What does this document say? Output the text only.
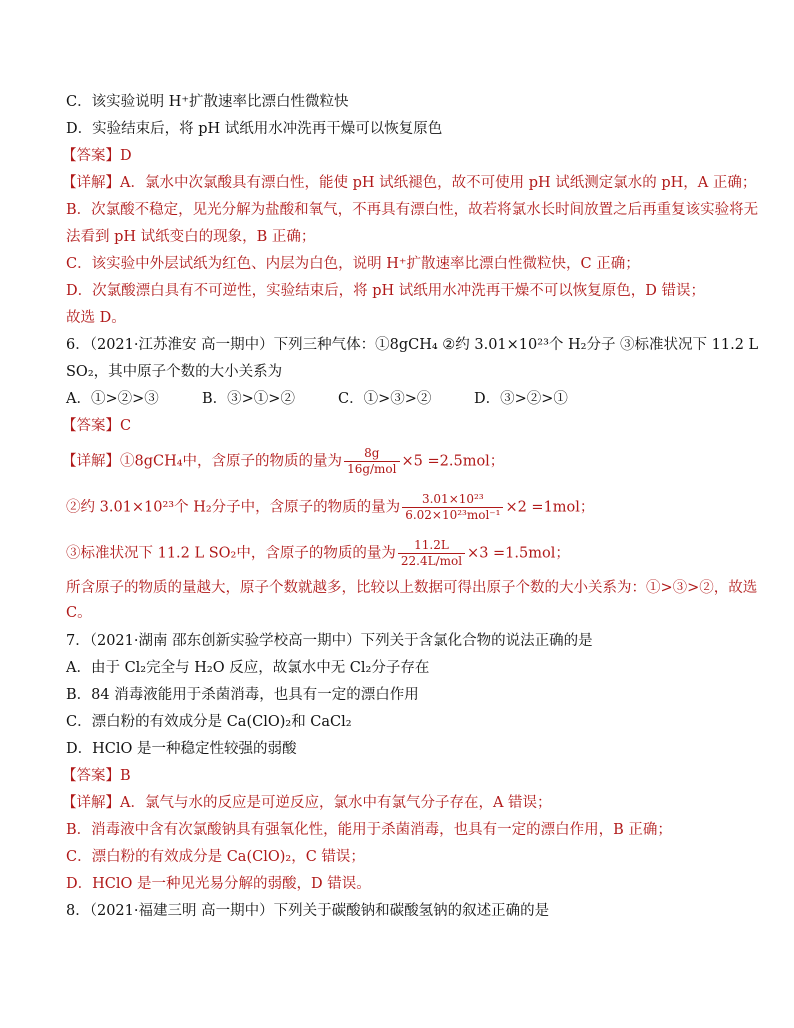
C．该实验说明 H⁺扩散速率比漂白性微粒快
D．实验结束后，将 pH 试纸用水冲洗再干燥可以恢复原色
【答案】D
【详解】A．氯水中次氯酸具有漂白性，能使 pH 试纸褪色，故不可使用 pH 试纸测定氯水的 pH，A 正确；
B．次氯酸不稳定，见光分解为盐酸和氧气，不再具有漂白性，故若将氯水长时间放置之后再重复该实验将无
法看到 pH 试纸变白的现象，B 正确；
C．该实验中外层试纸为红色、内层为白色，说明 H⁺扩散速率比漂白性微粒快，C 正确；
D．次氯酸漂白具有不可逆性，实验结束后，将 pH 试纸用水冲洗再干燥不可以恢复原色，D 错误；
故选 D。
6．（2021·江苏淮安 高一期中）下列三种气体：①8gCH₄ ②约 3.01×10²³个 H₂分子 ③标准状况下 11.2 L
SO₂，其中原子个数的大小关系为
A．①>②>③	B．③>①>②	C．①>③>②	D．③>②>①
【答案】C
【详解】①8gCH₄中，含原子的物质的量为 $\frac{8g}{\text{16g/mol}} \times 5 =2.5mol$；
②约 3.01×10²³个 H₂分子中，含原子的物质的量为 $\frac{\text{3.01×10²³}}{\text{6.02×10²³mol⁻¹}} \times 2 =1mol$；
③标准状况下 11.2 L SO₂中，含原子的物质的量为 $\frac{11.2L}{\text{22.4L/mol}} \times 3 =1.5mol$；
所含原子的物质的量越大，原子个数就越多，比较以上数据可得出原子个数的大小关系为：①>③>②，故选
C。
7．（2021·湖南 邵东创新实验学校高一期中）下列关于含氯化合物的说法正确的是
A．由于 Cl₂完全与 H₂O 反应，故氯水中无 Cl₂分子存在
B．84 消毒液能用于杀菌消毒，也具有一定的漂白作用
C．漂白粉的有效成分是 Ca(ClO)₂和 CaCl₂
D．HClO 是一种稳定性较强的弱酸
【答案】B
【详解】A．氯气与水的反应是可逆反应，氯水中有氯气分子存在，A 错误；
B．消毒液中含有次氯酸钠具有强氧化性，能用于杀菌消毒，也具有一定的漂白作用，B 正确；
C．漂白粉的有效成分是 Ca(ClO)₂，C 错误；
D．HClO 是一种见光易分解的弱酸，D 错误。
8．（2021·福建三明 高一期中）下列关于碳酸钠和碳酸氢钠的叙述正确的是
